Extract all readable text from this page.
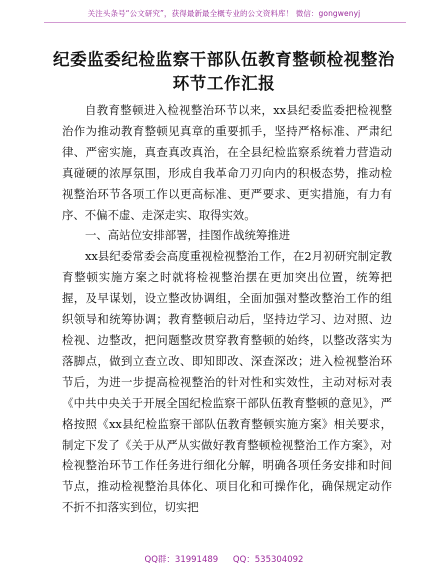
关注头条号“公文研究”，获得最新最全概专业的公文资料库！ 微信：gongwenyj
纪委监委纪检监察干部队伍教育整顿检视整治
环节工作汇报

自教育整顿进入检视整治环节以来，xx县纪委监委把检视整治作为推动教育整顿见真章的重要抓手，坚持严格标准、严肃纪律、严密实施，真查真改真治，在全县纪检监察系统着力营造动真碰硬的浓厚氛围，形成自我革命刀刃向内的积极态势，推动检视整治环节各项工作以更高标准、更严要求、更实措施，有力有序、不偏不虚、走深走实、取得实效。

一、高站位安排部署，挂图作战统筹推进

xx县纪委常委会高度重视检视整治工作，在2月初研究制定教育整顿实施方案之时就将检视整治摆在更加突出位置，统筹把握，及早谋划，设立整改协调组，全面加强对整改整治工作的组织领导和统筹协调；教育整顿启动后，坚持边学习、边对照、边检视、边整改，把问题整改贯穿教育整顿的始终，以整改落实为落脚点，做到立查立改、即知即改、深查深改；进入检视整治环节后，为进一步提高检视整治的针对性和实效性，主动对标对表《中共中央关于开展全国纪检监察干部队伍教育整顿的意见》，严格按照《xx县纪检监察干部队伍教育整顿实施方案》相关要求，制定下发了《关于从严从实做好教育整顿检视整治工作方案》，对检视整治环节工作任务进行细化分解，明确各项任务安排和时间节点，推动检视整治具体化、项目化和可操作化，确保规定动作不折不扣落实到位，切实把

QQ群：31991489 QQ：535304092
